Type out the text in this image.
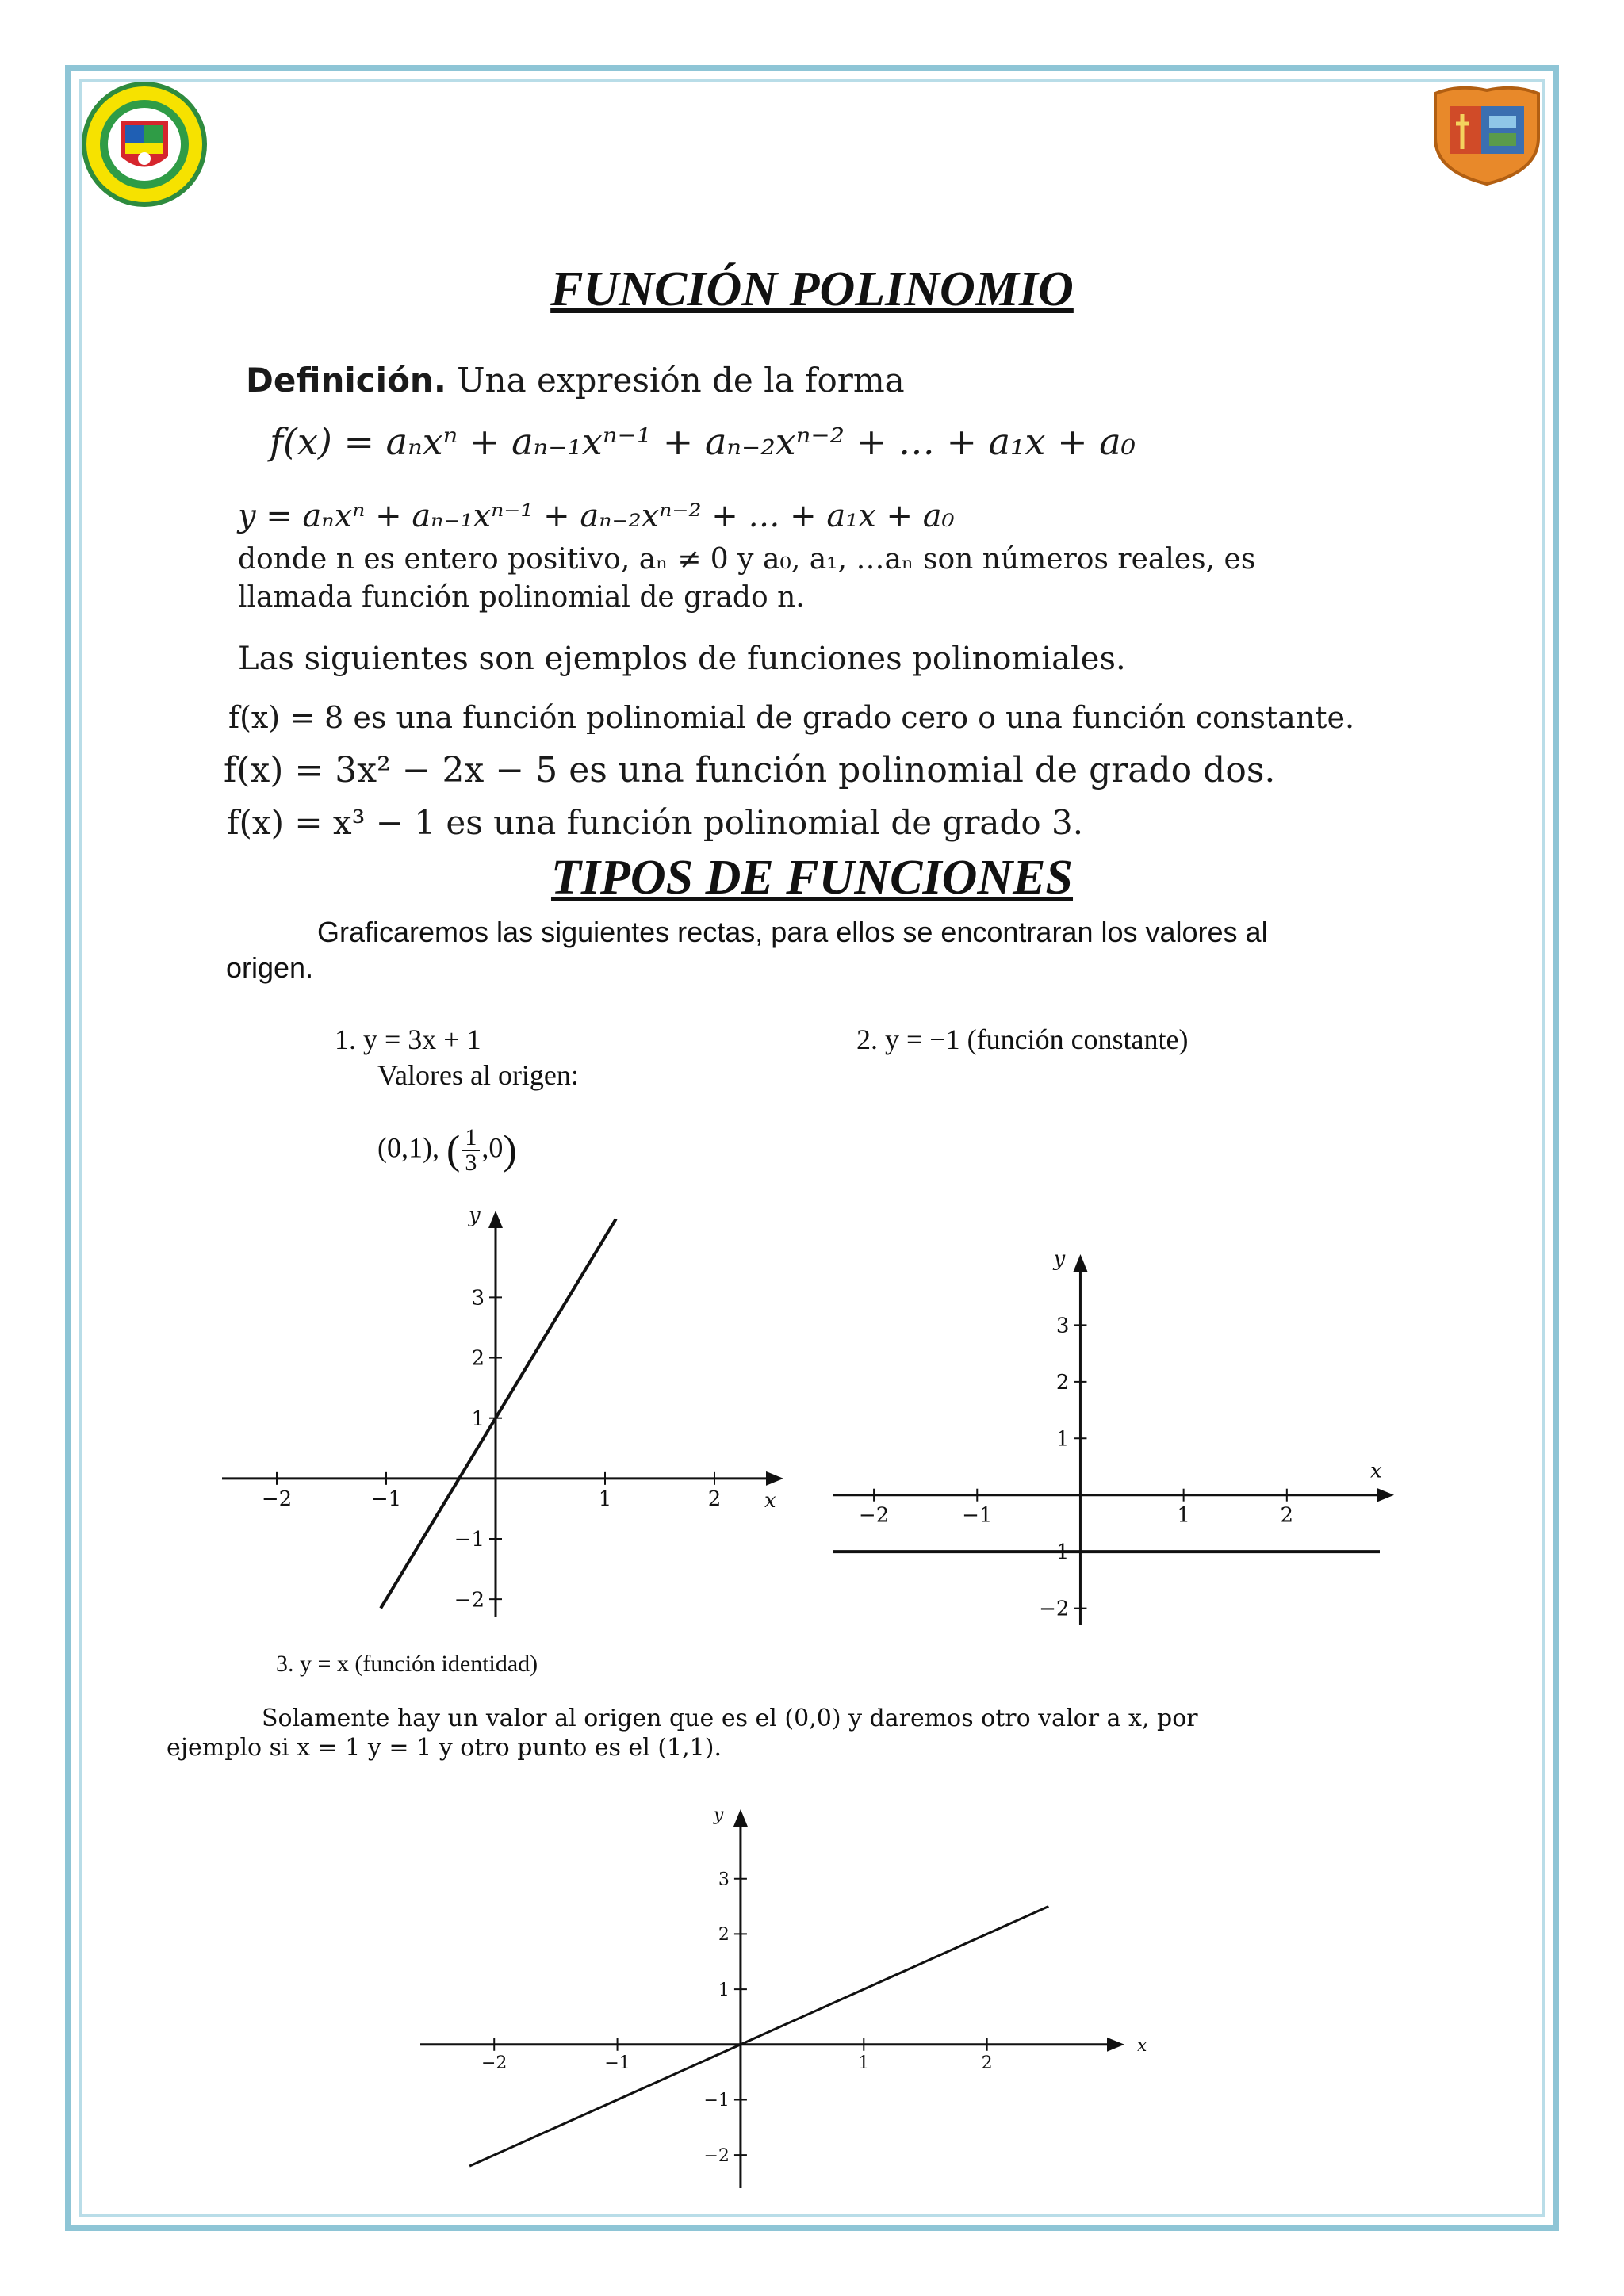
FUNCIÓN POLINOMIO

Definición. Una expresión de la forma

f(x) = aₙxⁿ + aₙ₋₁xⁿ⁻¹ + aₙ₋₂xⁿ⁻² + … + a₁x + a₀

y = aₙxⁿ + aₙ₋₁xⁿ⁻¹ + aₙ₋₂xⁿ⁻² + … + a₁x + a₀

donde n es entero positivo, aₙ ≠ 0 y a₀, a₁, …aₙ son números reales, es

llamada función polinomial de grado n.

Las siguientes son ejemplos de funciones polinomiales.

f(x) = 8 es una función polinomial de grado cero o una función constante.

f(x) = 3x² − 2x − 5 es una función polinomial de grado dos.

f(x) = x³ − 1 es una función polinomial de grado 3.

TIPOS DE FUNCIONES

Graficaremos las siguientes rectas, para ellos se encontraran los valores al

origen.

1. y = 3x + 1

Valores al origen:

(0,1), ( $\frac{1}{3} ,0$)

2. y = −1 (función constante)

x
y
−2	−1	1	2
3
2
1
−1
−2
x
y
−2	−1	1	2
3
2
1
−1
−2

3. y = x (función identidad)

Solamente hay un valor al origen que es el (0,0) y daremos otro valor a x, por

ejemplo si x = 1 y = 1 y otro punto es el (1,1).

x
y
−2	−1	1	2
3
2
1
−1
−2
